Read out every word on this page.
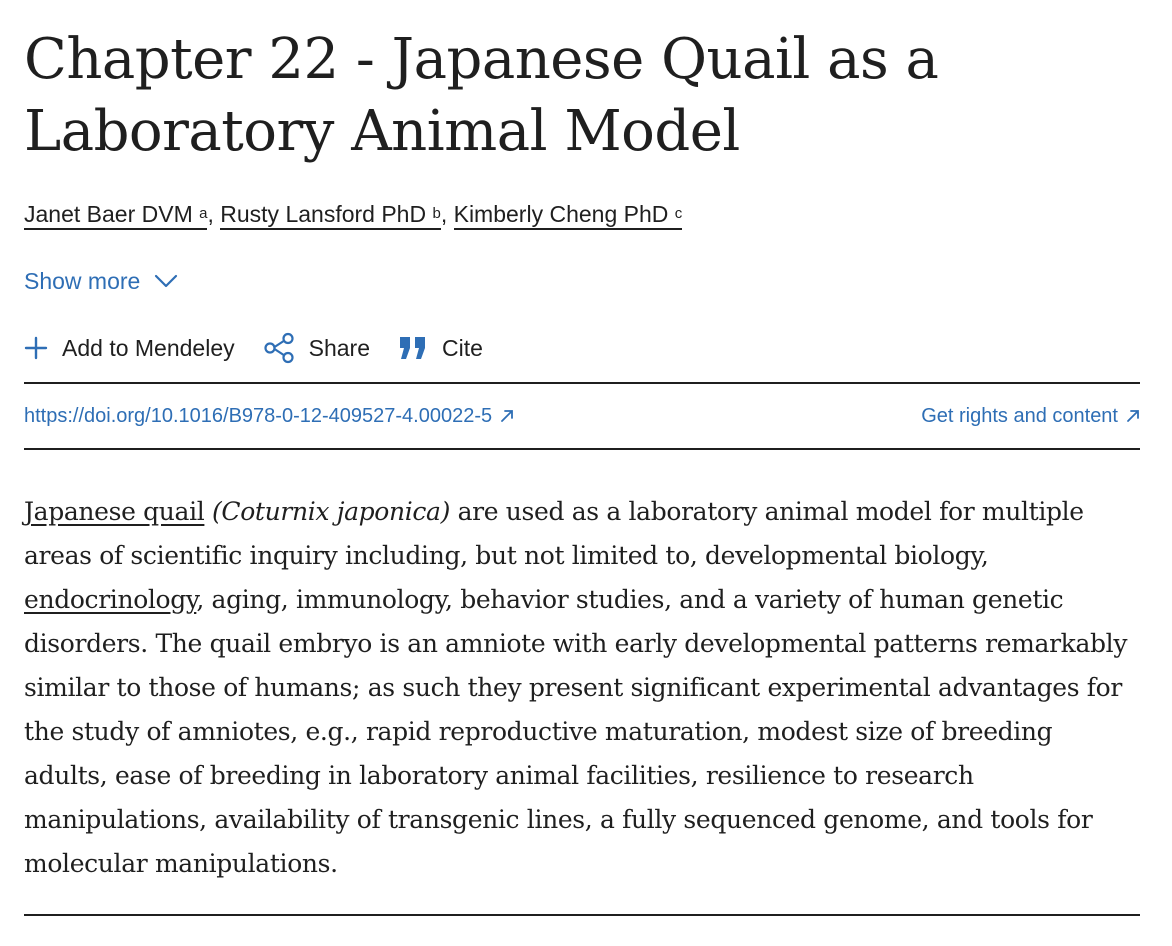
Chapter 22 - Japanese Quail as a Laboratory Animal Model
Janet Baer DVM $^a$, Rusty Lansford PhD $^b$, Kimberly Cheng PhD $^c$
Show more
Add to Mendeley	Share	Cite
https://doi.org/10.1016/B978-0-12-409527-4.00022-5	Get rights and content

Japanese quail (Coturnix japonica) are used as a laboratory animal model for multiple areas of scientific inquiry including, but not limited to, developmental biology, endocrinology, aging, immunology, behavior studies, and a variety of human genetic disorders. The quail embryo is an amniote with early developmental patterns remarkably similar to those of humans; as such they present significant experimental advantages for the study of amniotes, e.g., rapid reproductive maturation, modest size of breeding adults, ease of breeding in laboratory animal facilities, resilience to research manipulations, availability of transgenic lines, a fully sequenced genome, and tools for molecular manipulations.
